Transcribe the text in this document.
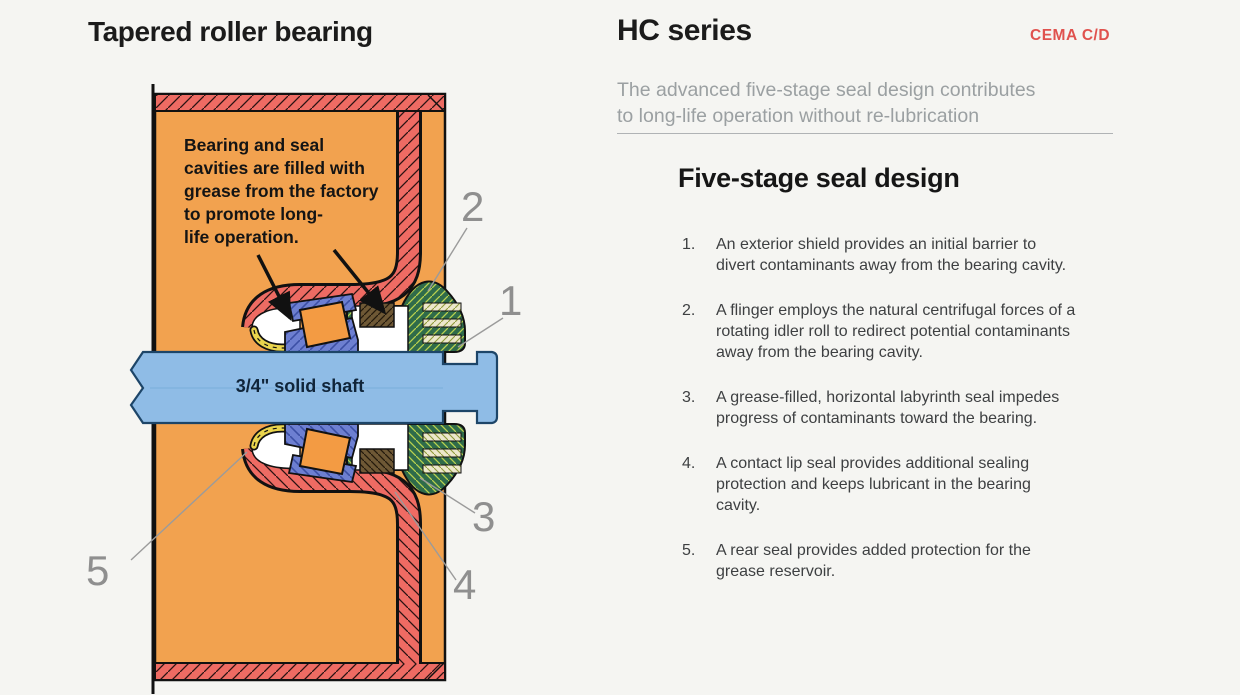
Tapered roller bearing
Bearing and seal
cavities are filled with
grease from the factory
to promote long-
life operation.
3/4" solid shaft
2
1
3
4
5
HC series	CEMA C/D
The advanced five-stage seal design contributes
to long-life operation without re-lubrication
Five-stage seal design
1.	An exterior shield provides an initial barrier to divert contaminants away from the bearing cavity.
2.	A flinger employs the natural centrifugal forces of a rotating idler roll to redirect potential contaminants away from the bearing cavity.
3.	A grease-filled, horizontal labyrinth seal impedes progress of contaminants toward the bearing.
4.	A contact lip seal provides additional sealing protection and keeps lubricant in the bearing cavity.
5.	A rear seal provides added protection for the grease reservoir.
